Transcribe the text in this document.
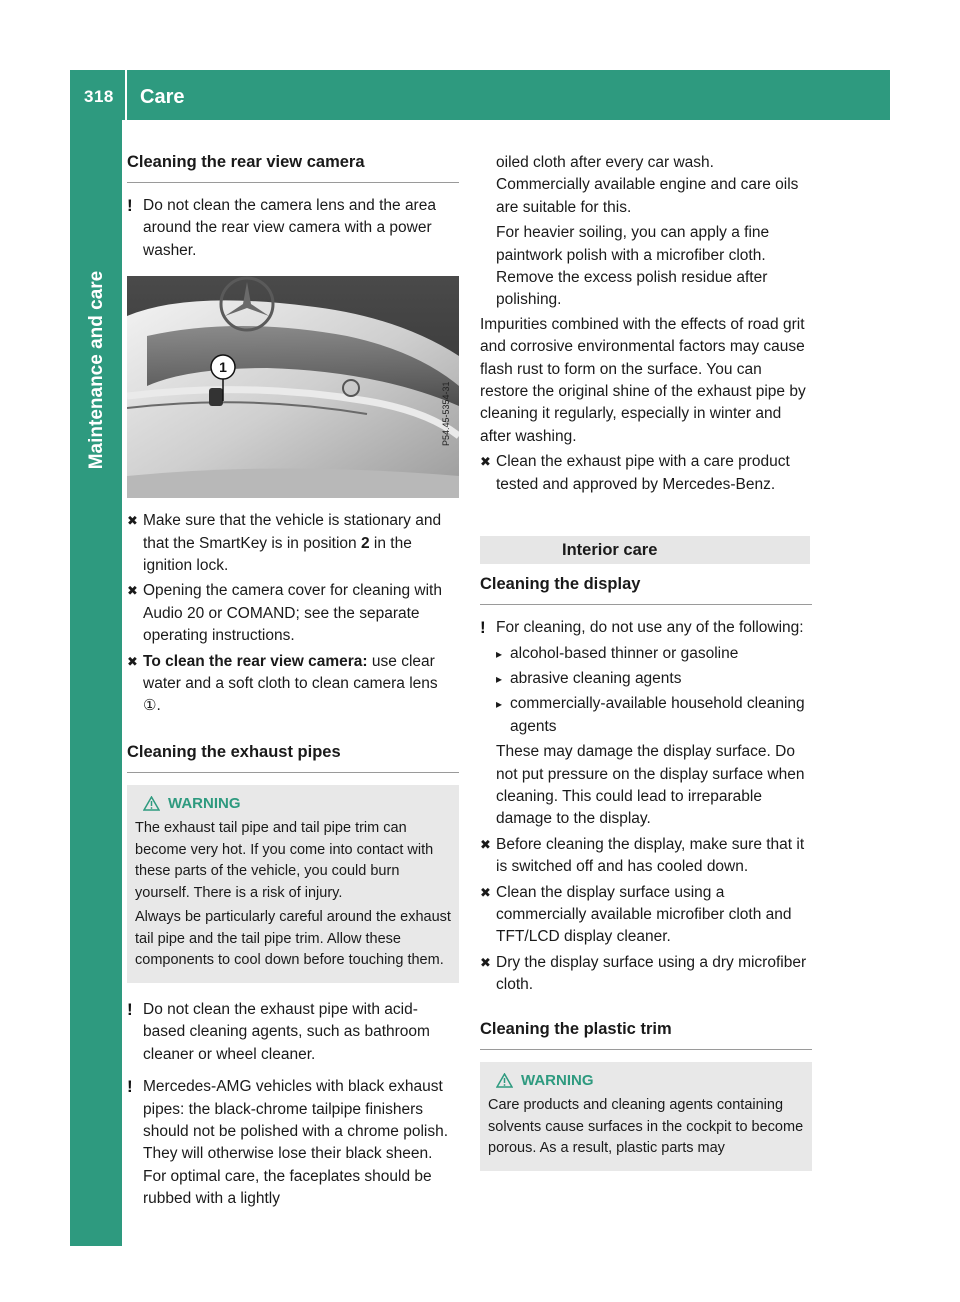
318 Care
Maintenance and care
Cleaning the rear view camera
! Do not clean the camera lens and the area around the rear view camera with a power washer.

1
P54.45-5354-31
✖ Make sure that the vehicle is stationary and that the SmartKey is in position 2 in the ignition lock.
✖ Opening the camera cover for cleaning with Audio 20 or COMAND; see the separate operating instructions.
✖ To clean the rear view camera: use clear water and a soft cloth to clean camera lens ①.
Cleaning the exhaust pipes
WARNING

The exhaust tail pipe and tail pipe trim can become very hot. If you come into contact with these parts of the vehicle, you could burn yourself. There is a risk of injury.

Always be particularly careful around the exhaust tail pipe and the tail pipe trim. Allow these components to cool down before touching them.

! Do not clean the exhaust pipe with acid-based cleaning agents, such as bathroom cleaner or wheel cleaner.

! Mercedes-AMG vehicles with black exhaust pipes: the black-chrome tailpipe finishers should not be polished with a chrome polish. They will otherwise lose their black sheen. For optimal care, the faceplates should be rubbed with a lightly

oiled cloth after every car wash. Commercially available engine and care oils are suitable for this.

For heavier soiling, you can apply a fine paintwork polish with a microfiber cloth. Remove the excess polish residue after polishing.

Impurities combined with the effects of road grit and corrosive environmental factors may cause flash rust to form on the surface. You can restore the original shine of the exhaust pipe by cleaning it regularly, especially in winter and after washing.

✖ Clean the exhaust pipe with a care product tested and approved by Mercedes-Benz.
Interior care
Cleaning the display
! For cleaning, do not use any of the following:

▸ alcohol-based thinner or gasoline
▸ abrasive cleaning agents
▸ commercially-available household cleaning agents

These may damage the display surface. Do not put pressure on the display surface when cleaning. This could lead to irreparable damage to the display.

✖ Before cleaning the display, make sure that it is switched off and has cooled down.
✖ Clean the display surface using a commercially available microfiber cloth and TFT/LCD display cleaner.
✖ Dry the display surface using a dry microfiber cloth.
Cleaning the plastic trim
WARNING

Care products and cleaning agents containing solvents cause surfaces in the cockpit to become porous. As a result, plastic parts may
